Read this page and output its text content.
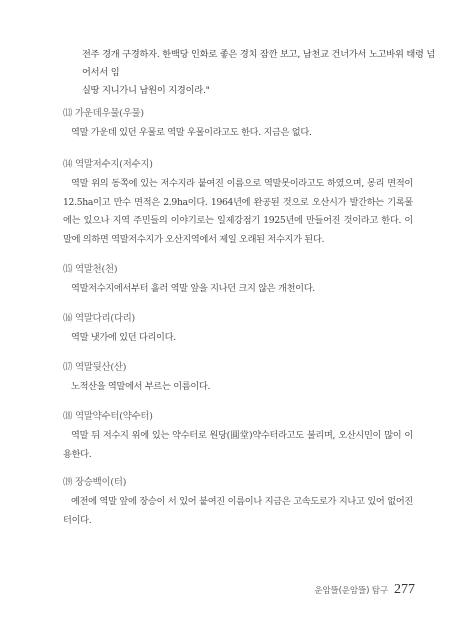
전주 경개 구경하자. 한백당 인화로 좋은 경치 잠깐 보고, 남천교 건너가서 노고바위 태령 넘어서서 임
실땅 지니가니 남원이 지경이라."
⒀ 가운데우물(우물)
역말 가운데 있던 우물로 역말 우물이라고도 한다. 지금은 없다.
⒁ 역말저수지(저수지)
역말 위의 동쪽에 있는 저수지라 붙여진 이름으로 역말못이라고도 하였으며, 몽리 면적이 12.5ha이고 만수 면적은 2.9ha이다. 1964년에 완공된 것으로 오산시가 발간하는 기록물에는 있으나 지역 주민들의 이야기로는 일제강점기 1925년에 만들어진 것이라고 한다. 이 말에 의하면 역말저수지가 오산지역에서 제일 오래된 저수지가 된다.
⒂ 역말천(천)
역말저수지에서부터 흘러 역말 앞을 지나던 크지 않은 개천이다.
⒃ 역말다리(다리)
역말 냇가에 있던 다리이다.
⒄ 역말뒷산(산)
노적산을 역말에서 부르는 이름이다.
⒅ 역말약수터(약수터)
역말 뒤 저수지 위에 있는 약수터로 원당(圓堂)약수터라고도 불리며, 오산시민이 많이 이용한다.
⒆ 장승백이(터)
예전에 역말 앞에 장승이 서 있어 붙여진 이름이나 지금은 고속도로가 지나고 있어 없어진 터이다.
운암뜰(운암뜰) 탐구 277
